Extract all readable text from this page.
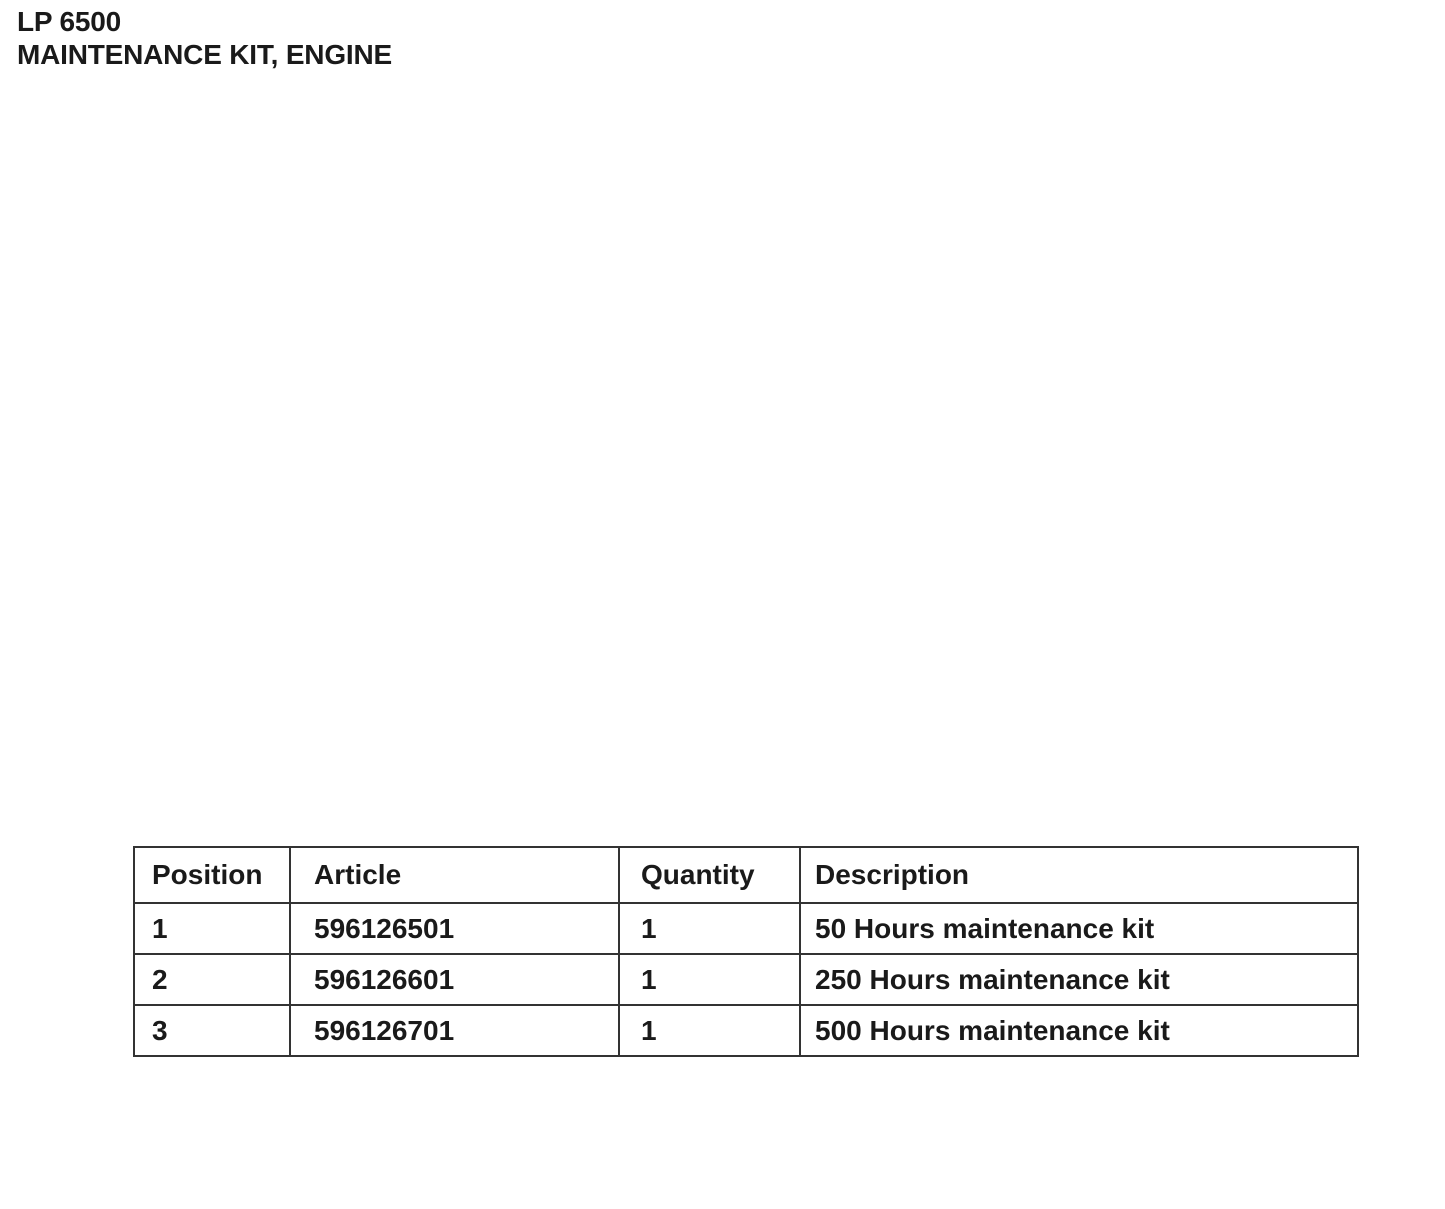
LP 6500
MAINTENANCE KIT, ENGINE
Position	Article	Quantity	Description
1	596126501	1	50 Hours maintenance kit
2	596126601	1	250 Hours maintenance kit
3	596126701	1	500 Hours maintenance kit
